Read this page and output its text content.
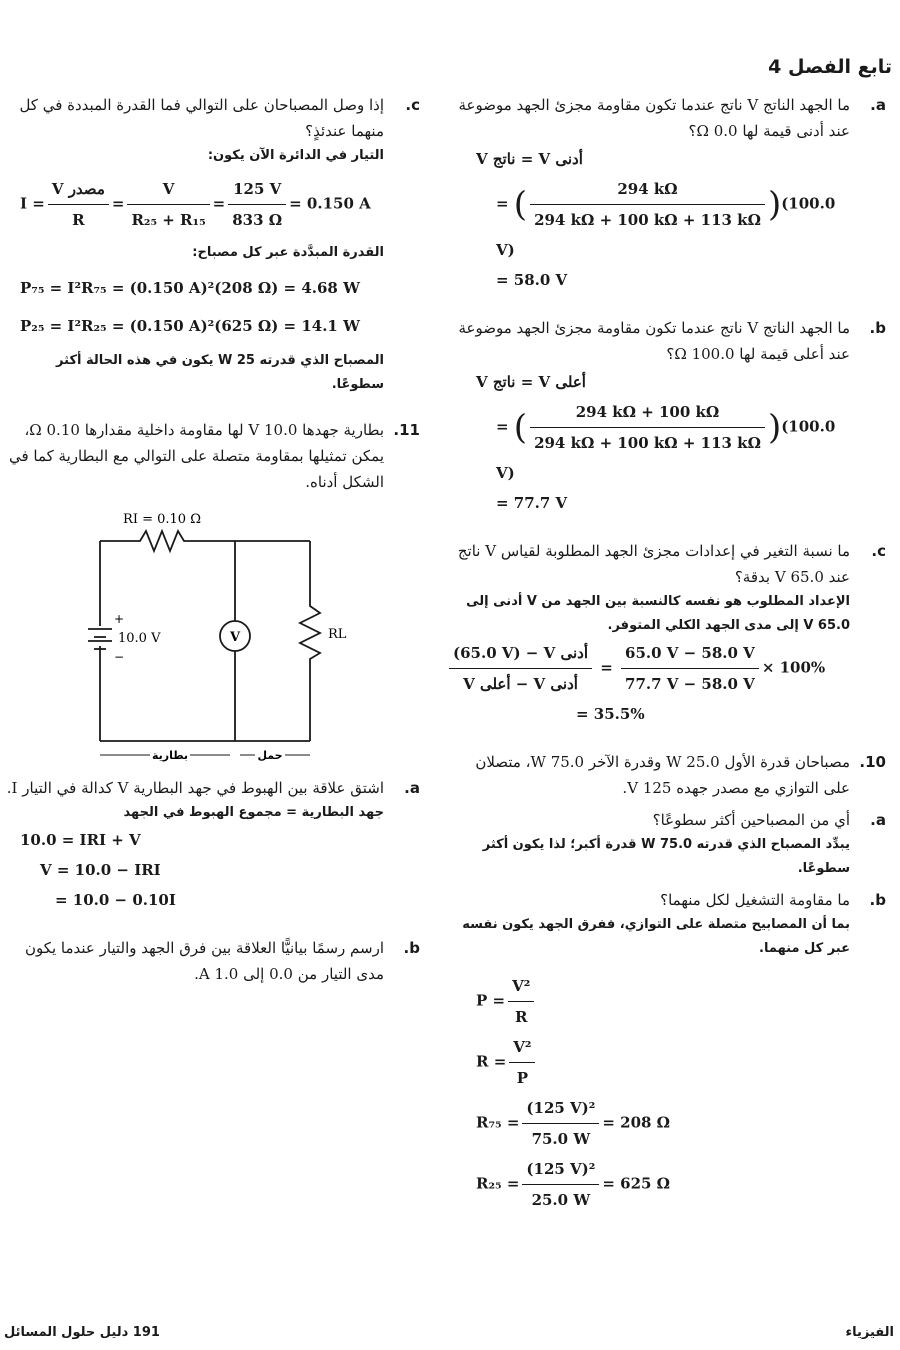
تابع الفصل 4
a.
ما الجهد الناتج V ناتج عندما تكون مقاومة مجزئ الجهد موضوعة عند أدنى قيمة لها 0.0 Ω؟
V ناتج = V أدنى
= ( $\frac{294 k\Omega}{294 k\Omega + 100 k\Omega + 113 k\Omega} )(100.0$ V)
= 58.0 V
b.
ما الجهد الناتج V ناتج عندما تكون مقاومة مجزئ الجهد موضوعة عند أعلى قيمة لها 100.0 Ω؟
V ناتج = V أعلى
= ( $\frac{294 k\Omega + 100 k\Omega}{294 k\Omega + 100 k\Omega + 113 k\Omega} )(100.0$ V)
= 77.7 V
c.
ما نسبة التغير في إعدادات مجزئ الجهد المطلوبة لقياس V ناتج عند 65.0 V بدقة؟
الإعداد المطلوب هو نفسه كالنسبة بين الجهد من V أدنى إلى 65.0 V إلى مدى الجهد الكلي المتوفر.
$\frac{\text{(65.0 V) − V أدنى}}{\text{V أعلى − V أدنى}} = \frac{65.0 V - 58.0 V}{77.7 V - 58.0 V} \times 100\%$
= 35.5%
10.
مصباحان قدرة الأول 25.0 W وقدرة الآخر 75.0 W، متصلان على التوازي مع مصدر جهده 125 V.
a.
أي من المصباحين أكثر سطوعًا؟
يبدِّد المصباح الذي قدرته 75.0 W قدرة أكبر؛ لذا يكون أكثر سطوعًا.
b.
ما مقاومة التشغيل لكل منهما؟
بما أن المصابيح متصلة على التوازي، ففرق الجهد يكون نفسه عبر كل منهما.
$P = \frac{\text{V²}}{R}$
$R = \frac{\text{V²}}{P}$
$R_{75} = \frac{\text{(125 V)²}}{75.0 W} = 208$ Ω
$R_{25} = \frac{\text{(125 V)²}}{25.0 W} = 625$ Ω
c.
إذا وصل المصباحان على التوالي فما القدرة المبددة في كل منهما عندئذٍ؟
التيار في الدائرة الآن يكون:
$I = \frac{\text{V مصدر}}{R} = \frac{V}{\text{R₂₅ + R₁₅}} = \frac{125 V}{833 \Omega} = 0.150$ A
القدرة المبدَّدة عبر كل مصباح:
P₇₅ = I²R₇₅ = (0.150 A)²(208 Ω) = 4.68 W
P₂₅ = I²R₂₅ = (0.150 A)²(625 Ω) = 14.1 W
المصباح الذي قدرته 25 W يكون في هذه الحالة أكثر سطوعًا.
11.
بطارية جهدها 10.0 V لها مقاومة داخلية مقدارها 0.10 Ω، يمكن تمثيلها بمقاومة متصلة على التوالي مع البطارية كما في الشكل أدناه.
RI = 0.10 Ω
10.0 V
+
−
V	RL
بطارية	حمل
a.
اشتق علاقة بين الهبوط في جهد البطارية V كدالة في التيار I.
جهد البطارية = مجموع الهبوط في الجهد
10.0 = IRI + V
V = 10.0 − IRI
= 10.0 − 0.10I
b.
ارسم رسمًا بيانيًّا العلاقة بين فرق الجهد والتيار عندما يكون مدى التيار من 0.0 إلى 1.0 A.
191 دليل حلول المسائل	الفيزياء
